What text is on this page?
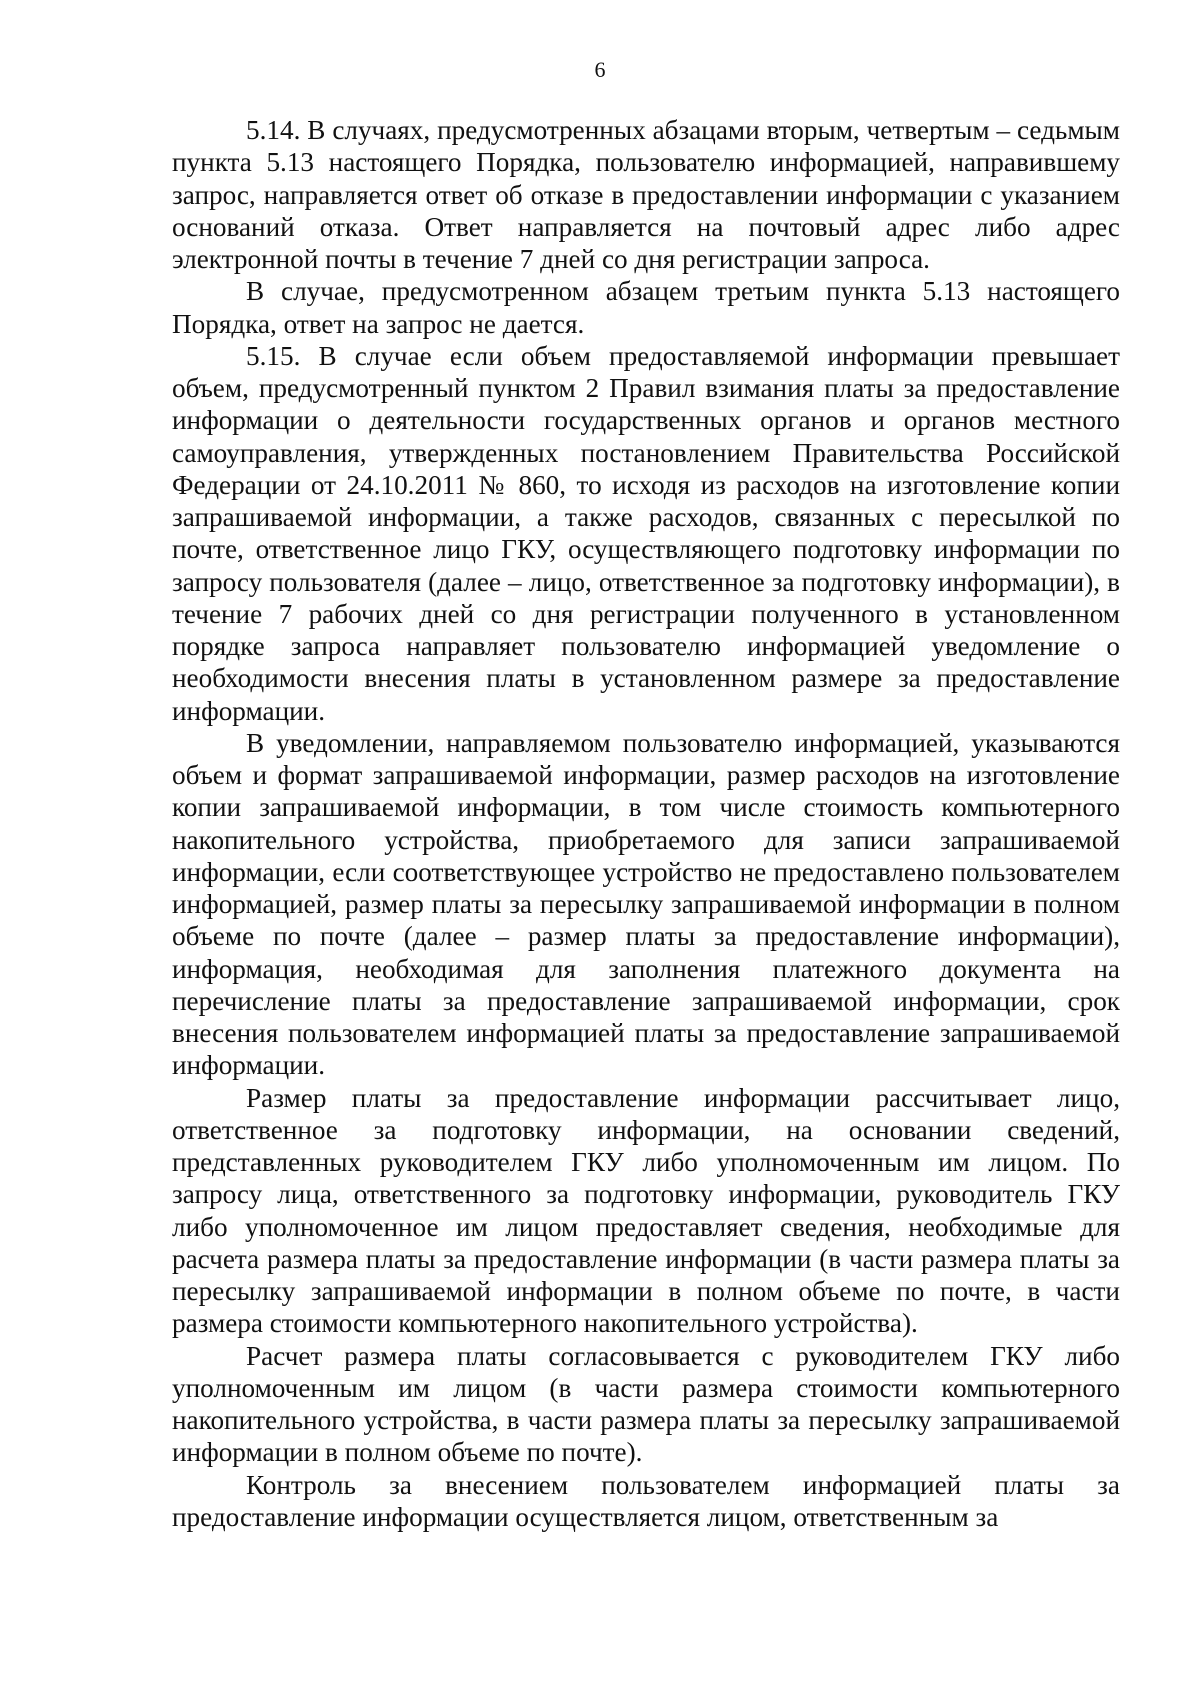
6

5.14. В случаях, предусмотренных абзацами вторым, четвертым – седьмым пункта 5.13 настоящего Порядка, пользователю информацией, направившему запрос, направляется ответ об отказе в предоставлении информации с указанием оснований отказа. Ответ направляется на почтовый адрес либо адрес электронной почты в течение 7 дней со дня регистрации запроса.

В случае, предусмотренном абзацем третьим пункта 5.13 настоящего Порядка, ответ на запрос не дается.

5.15. В случае если объем предоставляемой информации превышает объем, предусмотренный пунктом 2 Правил взимания платы за предоставление информации о деятельности государственных органов и органов местного самоуправления, утвержденных постановлением Правительства Российской Федерации от 24.10.2011 № 860, то исходя из расходов на изготовление копии запрашиваемой информации, а также расходов, связанных с пересылкой по почте, ответственное лицо ГКУ, осуществляющего подготовку информации по запросу пользователя (далее – лицо, ответственное за подготовку информации), в течение 7 рабочих дней со дня регистрации полученного в установленном порядке запроса направляет пользователю информацией уведомление о необходимости внесения платы в установленном размере за предоставление информации.

В уведомлении, направляемом пользователю информацией, указываются объем и формат запрашиваемой информации, размер расходов на изготовление копии запрашиваемой информации, в том числе стоимость компьютерного накопительного устройства, приобретаемого для записи запрашиваемой информации, если соответствующее устройство не предоставлено пользователем информацией, размер платы за пересылку запрашиваемой информации в полном объеме по почте (далее – размер платы за предоставление информации), информация, необходимая для заполнения платежного документа на перечисление платы за предоставление запрашиваемой информации, срок внесения пользователем информацией платы за предоставление запрашиваемой информации.

Размер платы за предоставление информации рассчитывает лицо, ответственное за подготовку информации, на основании сведений, представленных руководителем ГКУ либо уполномоченным им лицом. По запросу лица, ответственного за подготовку информации, руководитель ГКУ либо уполномоченное им лицом предоставляет сведения, необходимые для расчета размера платы за предоставление информации (в части размера платы за пересылку запрашиваемой информации в полном объеме по почте, в части размера стоимости компьютерного накопительного устройства).

Расчет размера платы согласовывается с руководителем ГКУ либо уполномоченным им лицом (в части размера стоимости компьютерного накопительного устройства, в части размера платы за пересылку запрашиваемой информации в полном объеме по почте).

Контроль за внесением пользователем информацией платы за предоставление информации осуществляется лицом, ответственным за
